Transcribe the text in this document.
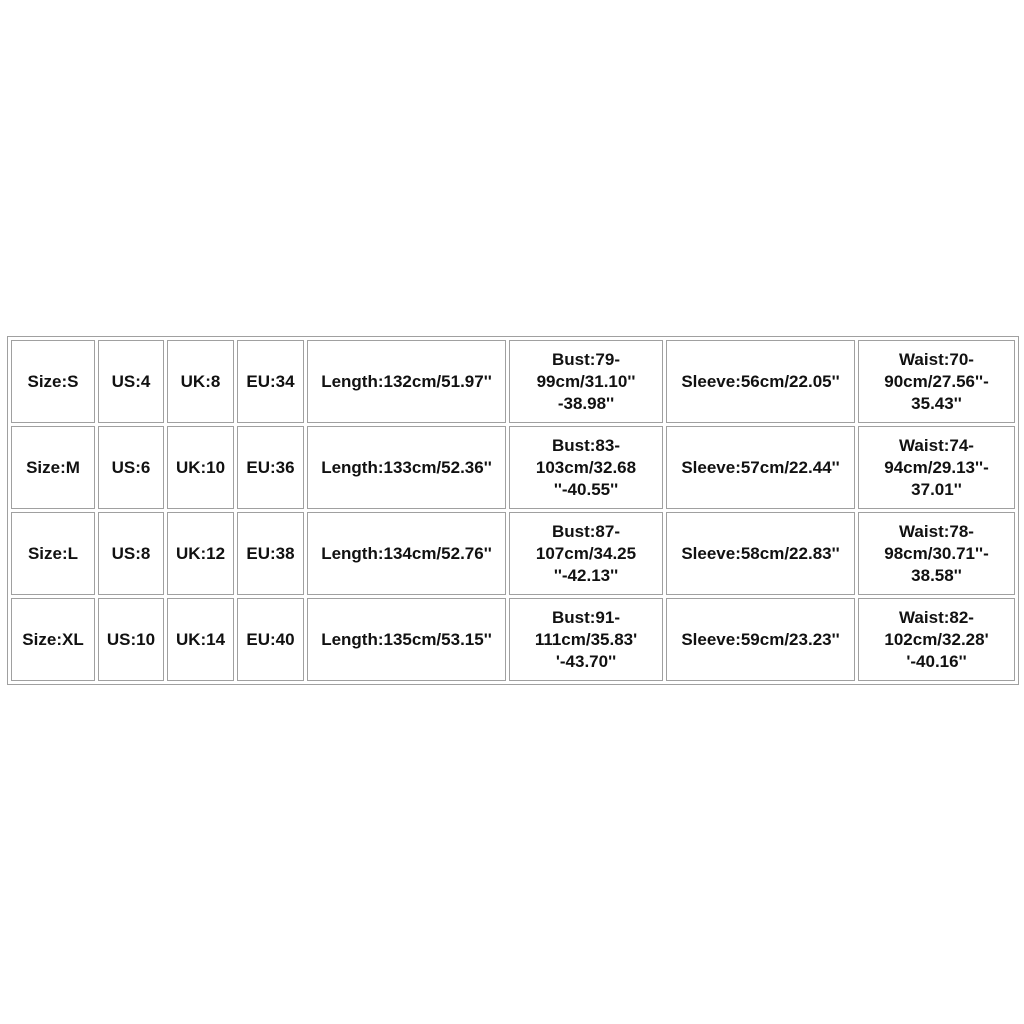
Size:S	US:4	UK:8	EU:34	Length:132cm/51.97''	Bust:79-99cm/31.10''-38.98''	Sleeve:56cm/22.05''	Waist:70-90cm/27.56''-35.43''

Size:M	US:6	UK:10	EU:36	Length:133cm/52.36''	Bust:83-103cm/32.68''-40.55''	Sleeve:57cm/22.44''	Waist:74-94cm/29.13''-37.01''

Size:L	US:8	UK:12	EU:38	Length:134cm/52.76''	Bust:87-107cm/34.25''-42.13''	Sleeve:58cm/22.83''	Waist:78-98cm/30.71''-38.58''

Size:XL	US:10	UK:14	EU:40	Length:135cm/53.15''	Bust:91-111cm/35.83''-43.70''	Sleeve:59cm/23.23''	Waist:82-102cm/32.28''-40.16''
